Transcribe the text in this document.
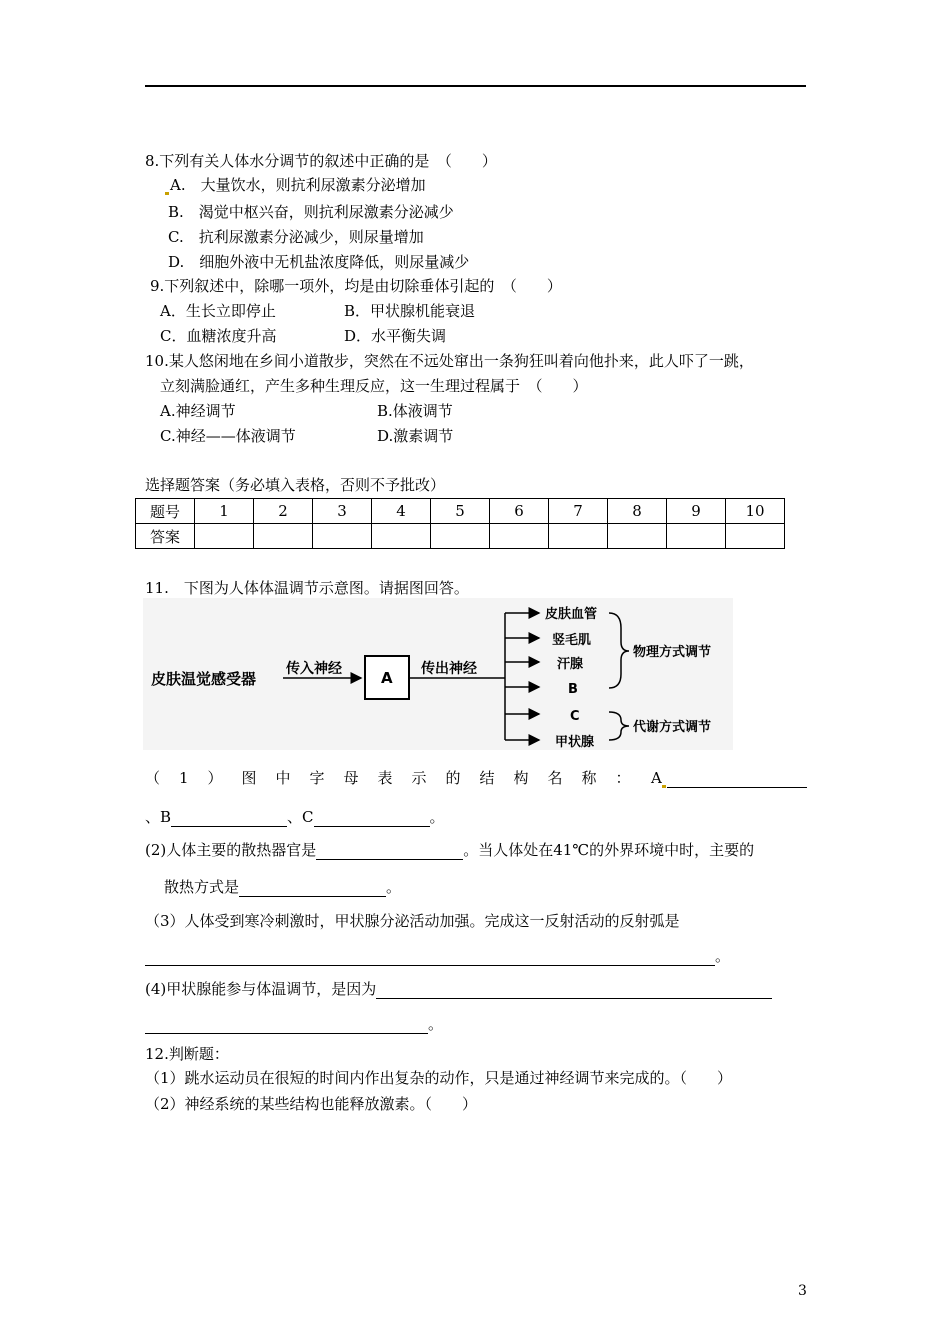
8.下列有关人体水分调节的叙述中正确的是　（　　）
A.　大量饮水，则抗利尿激素分泌增加
B.　渴觉中枢兴奋，则抗利尿激素分泌减少
C.　抗利尿激素分泌减少，则尿量增加
D.　细胞外液中无机盐浓度降低，则尿量减少
9.下列叙述中，除哪一项外，均是由切除垂体引起的　（　　）
A．生长立即停止	B．甲状腺机能衰退
C．血糖浓度升高	D．水平衡失调
10.某人悠闲地在乡间小道散步，突然在不远处窜出一条狗狂叫着向他扑来，此人吓了一跳，
立刻满脸通红，产生多种生理反应，这一生理过程属于　（　　）
A.神经调节	B.体液调节
C.神经——体液调节	D.激素调节
选择题答案（务必填入表格，否则不予批改）
题号	1	2	3	4	5	6	7	8	9	10
答案										
11.　下图为人体体温调节示意图。请据图回答。
皮肤温觉感受器
传入神经	A 传出神经
皮肤血管
竖毛肌
汗腺
B
C
甲状腺
物理方式调节
代谢方式调节
（1）图中字母表示的结构名称： A
、B	、C	。
(2)人体主要的散热器官是	。当人体处在41℃的外界环境中时，主要的
散热方式是	。
（3）人体受到寒冷刺激时，甲状腺分泌活动加强。完成这一反射活动的反射弧是
。
(4)甲状腺能参与体温调节，是因为
。
12.判断题：
（1）跳水运动员在很短的时间内作出复杂的动作，只是通过神经调节来完成的。（　　）
（2）神经系统的某些结构也能释放激素。（　　）
3
